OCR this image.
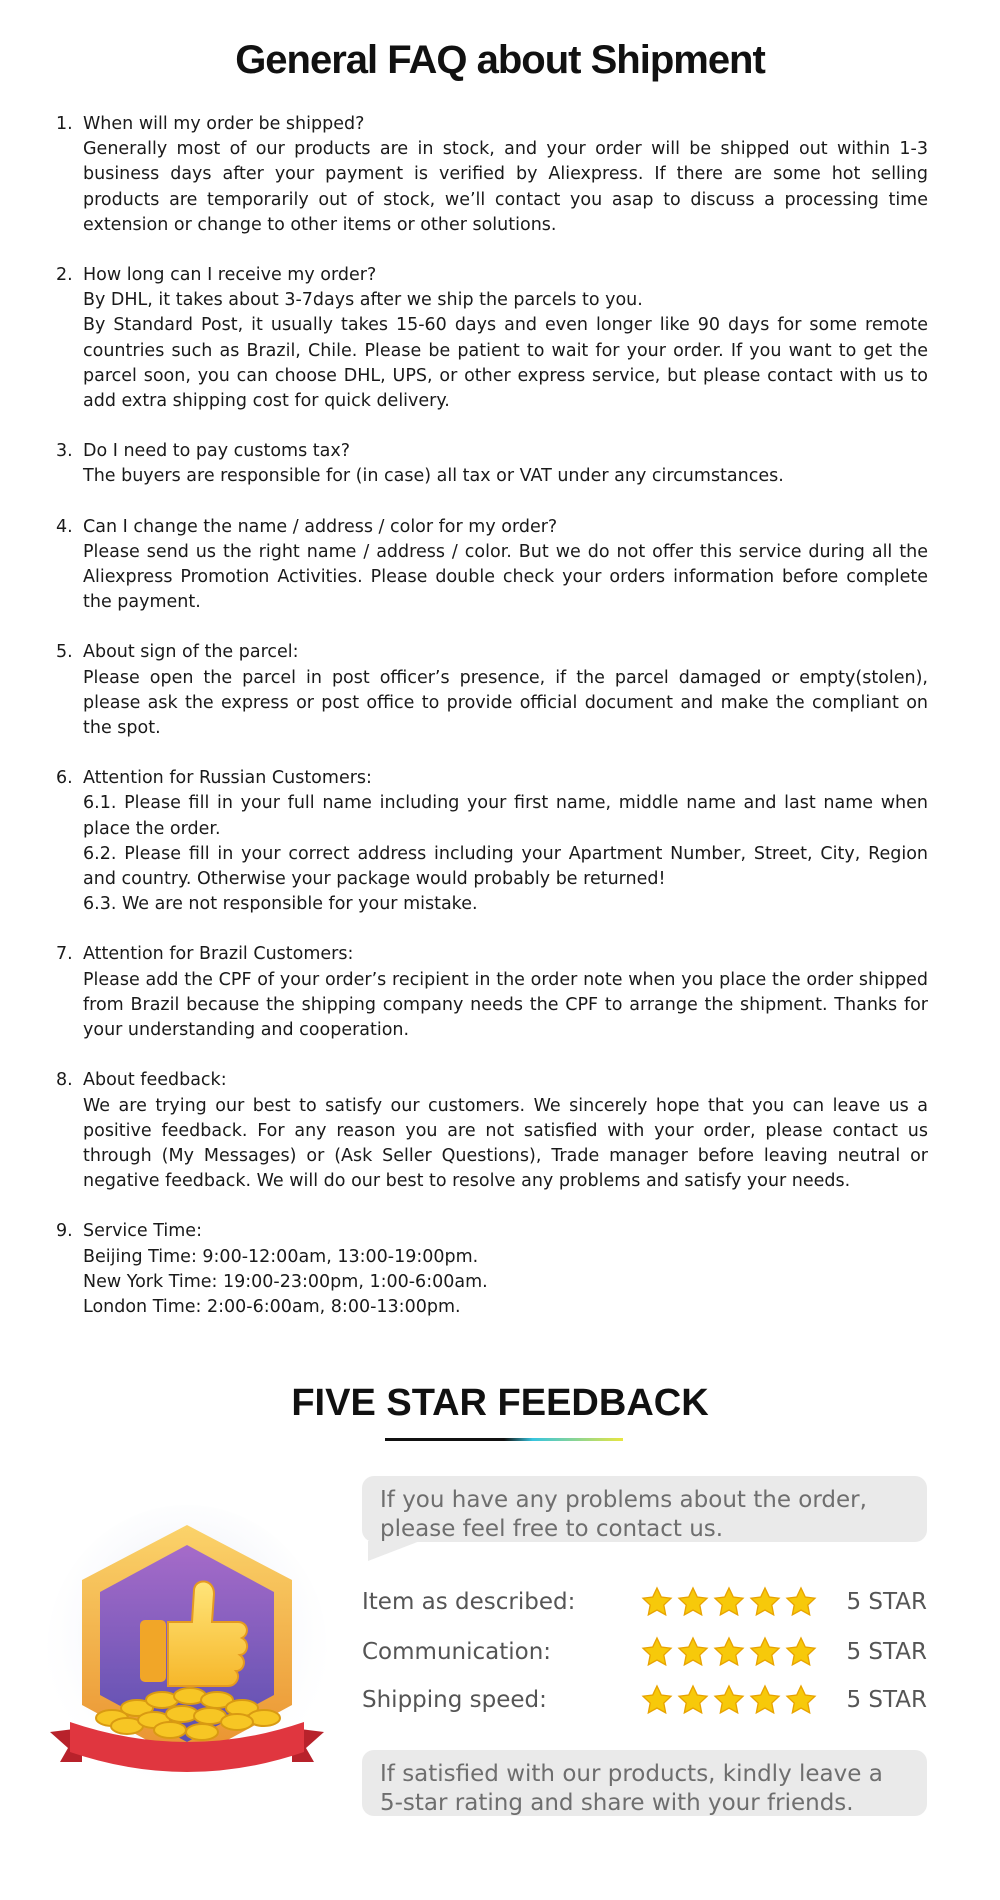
General FAQ about Shipment
1. When will my order be shipped?
Generally most of our products are in stock, and your order will be shipped out within 1-3 business days after your payment is verified by Aliexpress. If there are some hot selling products are temporarily out of stock, we’ll contact you asap to discuss a processing time extension or change to other items or other solutions.
2. How long can I receive my order?
By DHL, it takes about 3-7days after we ship the parcels to you.
By Standard Post, it usually takes 15-60 days and even longer like 90 days for some remote countries such as Brazil, Chile. Please be patient to wait for your order. If you want to get the parcel soon, you can choose DHL, UPS, or other express service, but please contact with us to add extra shipping cost for quick delivery.
3. Do I need to pay customs tax?
The buyers are responsible for (in case) all tax or VAT under any circumstances.
4. Can I change the name / address / color for my order?
Please send us the right name / address / color. But we do not offer this service during all the Aliexpress Promotion Activities. Please double check your orders information before complete the payment.
5. About sign of the parcel:
Please open the parcel in post officer’s presence, if the parcel damaged or empty(stolen), please ask the express or post office to provide official document and make the compliant on the spot.
6. Attention for Russian Customers:
6.1. Please fill in your full name including your first name, middle name and last name when place the order.
6.2. Please fill in your correct address including your Apartment Number, Street, City, Region and country. Otherwise your package would probably be returned!
6.3. We are not responsible for your mistake.
7. Attention for Brazil Customers:
Please add the CPF of your order’s recipient in the order note when you place the order shipped from Brazil because the shipping company needs the CPF to arrange the shipment. Thanks for your understanding and cooperation.
8. About feedback:
We are trying our best to satisfy our customers. We sincerely hope that you can leave us a positive feedback. For any reason you are not satisfied with your order, please contact us through (My Messages) or (Ask Seller Questions), Trade manager before leaving neutral or negative feedback. We will do our best to resolve any problems and satisfy your needs.
9. Service Time:
Beijing Time: 9:00-12:00am, 13:00-19:00pm.
New York Time: 19:00-23:00pm, 1:00-6:00am.
London Time: 2:00-6:00am, 8:00-13:00pm.
FIVE STAR FEEDBACK
If you have any problems about the order, please feel free to contact us.
Item as described:	5 STAR
Communication:	5 STAR
Shipping speed:	5 STAR
If satisfied with our products, kindly leave a 5-star rating and share with your friends.
